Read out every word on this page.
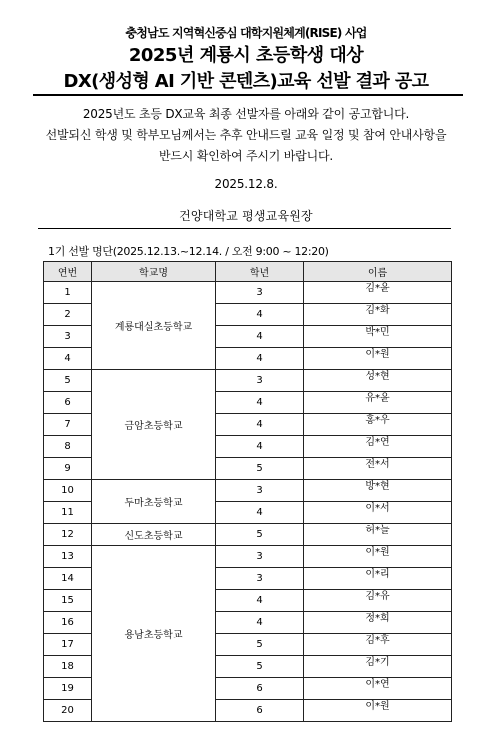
충청남도 지역혁신중심 대학지원체계(RISE) 사업
2025년 계룡시 초등학생 대상
DX(생성형 AI 기반 콘텐츠)교육 선발 결과 공고
2025년도 초등 DX교육 최종 선발자를 아래와 같이 공고합니다.
선발되신 학생 및 학부모님께서는 추후 안내드릴 교육 일정 및 참여 안내사항을
반드시 확인하여 주시기 바랍니다.
2025.12.8.
건양대학교 평생교육원장
1기 선발 명단(2025.12.13.~12.14. / 오전 9:00 ~ 12:20)
연번	학교명	학년	이름
1	계룡대실초등학교	3	김*윤
2		4	김*화
3		4	박*민
4		4	이*원
5	금암초등학교	3	성*현
6		4	유*윤
7		4	홍*우
8		4	김*연
9		5	전*서
10	두마초등학교	3	방*현
11		4	이*서
12	신도초등학교	5	허*늘
13	용남초등학교	3	이*원
14		3	이*리
15		4	김*유
16		4	정*희
17		5	김*후
18		5	김*기
19		6	이*연
20		6	이*원
